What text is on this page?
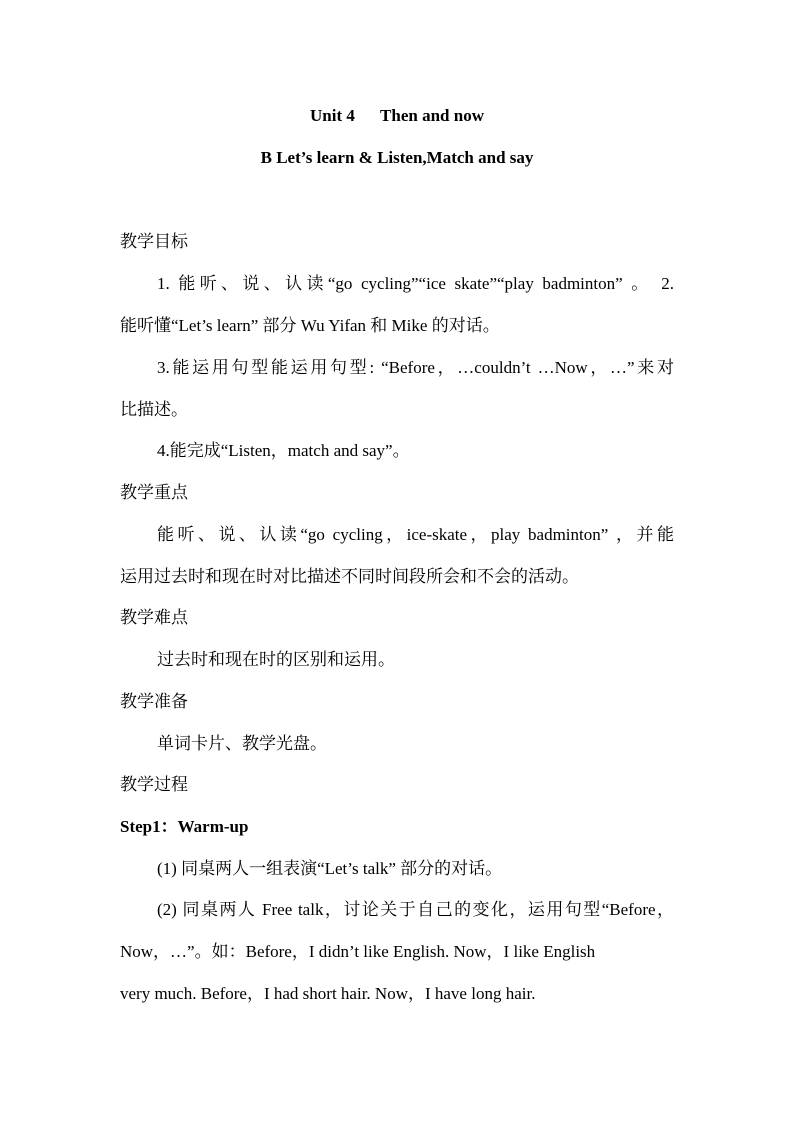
Unit 4      Then and now
B Let’s learn & Listen,Match and say
教学目标
1. 能听、说、认读“go cycling”“ice skate”“play badminton” 。 2.
能听懂“Let’s learn” 部分 Wu Yifan 和 Mike 的对话。
3.能运用句型能运用句型: “Before，…couldn’t …Now，…”来对
比描述。
4.能完成“Listen，match and say”。
教学重点
能听、说、认读“go cycling，ice-skate，play badminton” ，并能
运用过去时和现在时对比描述不同时间段所会和不会的活动。
教学难点
过去时和现在时的区别和运用。
教学准备
单词卡片、教学光盘。
教学过程
Step1：Warm-up
(1) 同桌两人一组表演“Let’s talk” 部分的对话。
(2) 同桌两人 Free talk，讨论关于自己的变化，运用句型“Before，
Now，…”。如：Before，I didn’t like English. Now，I like English
very much. Before，I had short hair. Now，I have long hair.
